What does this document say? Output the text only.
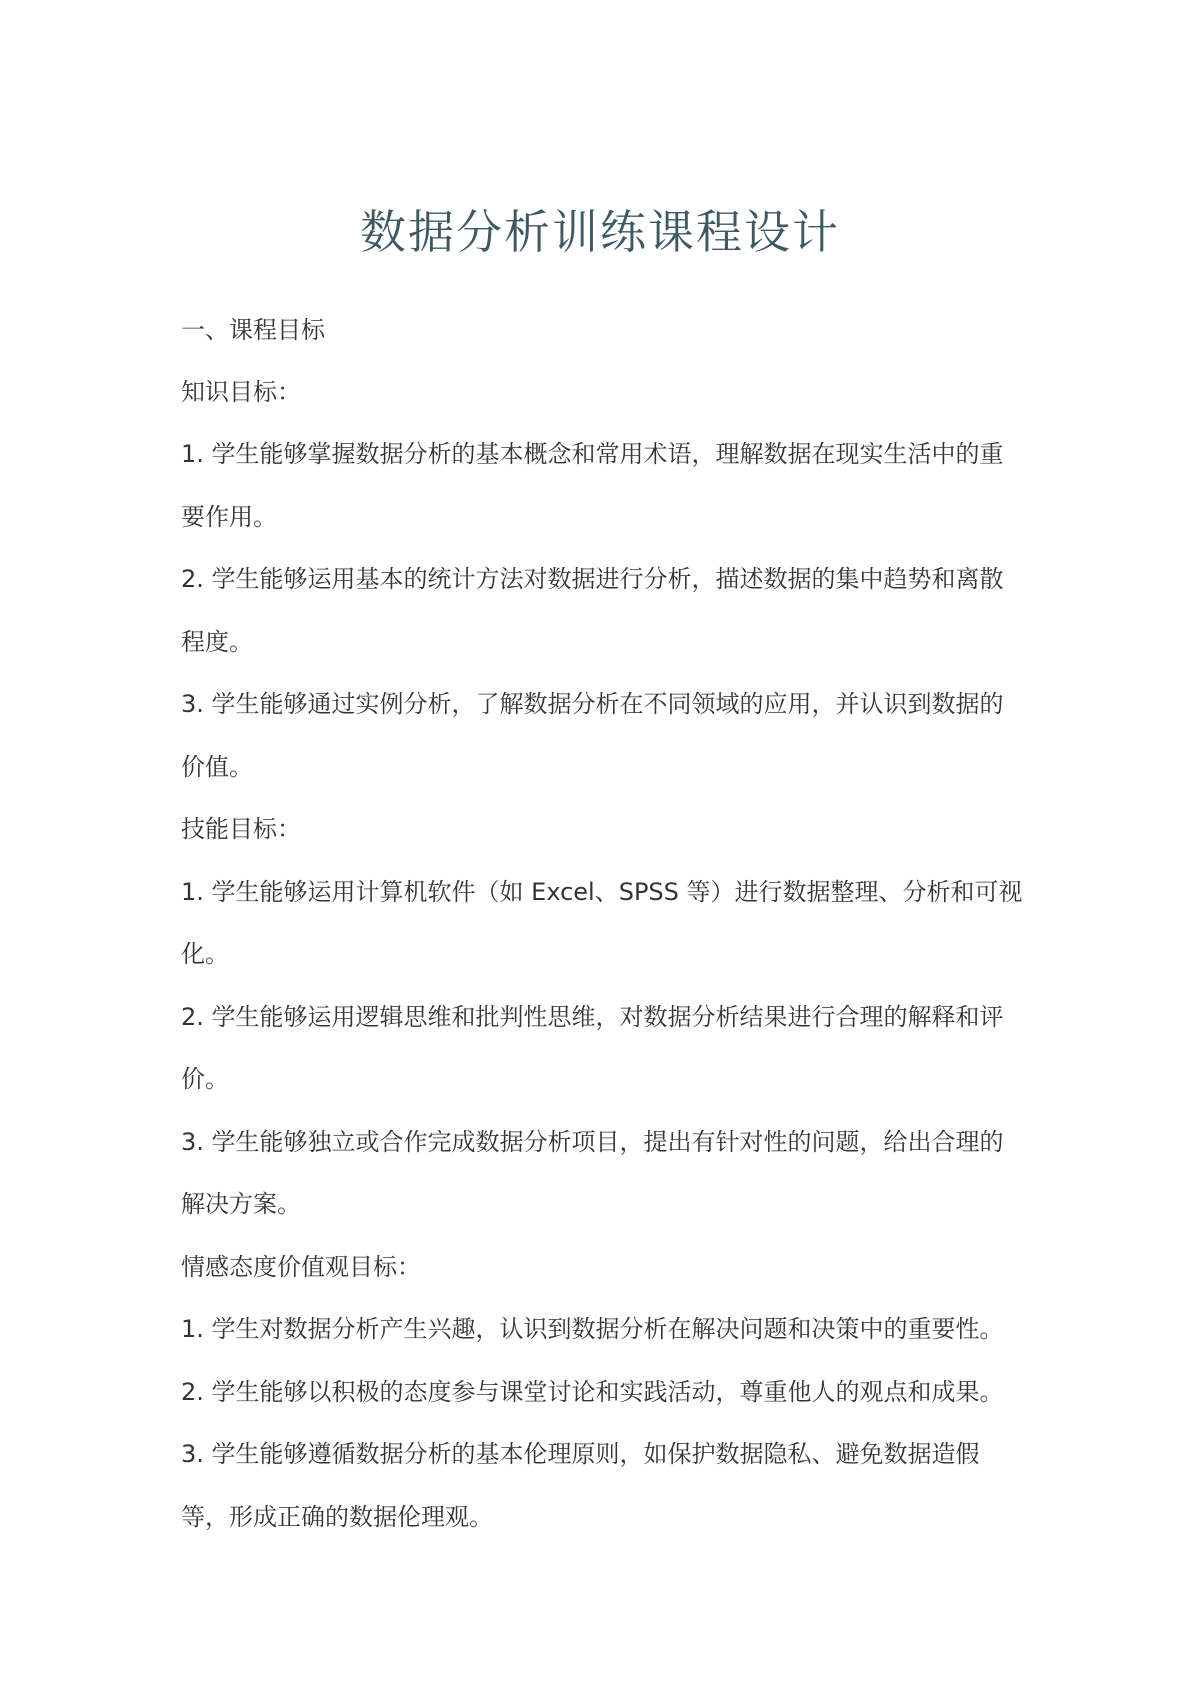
数据分析训练课程设计

一、课程目标

知识目标：

1. 学生能够掌握数据分析的基本概念和常用术语，理解数据在现实生活中的重

要作用。

2. 学生能够运用基本的统计方法对数据进行分析，描述数据的集中趋势和离散

程度。

3. 学生能够通过实例分析，了解数据分析在不同领域的应用，并认识到数据的

价值。

技能目标：

1. 学生能够运用计算机软件（如 Excel、SPSS 等）进行数据整理、分析和可视

化。

2. 学生能够运用逻辑思维和批判性思维，对数据分析结果进行合理的解释和评

价。

3. 学生能够独立或合作完成数据分析项目，提出有针对性的问题，给出合理的

解决方案。

情感态度价值观目标：

1. 学生对数据分析产生兴趣，认识到数据分析在解决问题和决策中的重要性。

2. 学生能够以积极的态度参与课堂讨论和实践活动，尊重他人的观点和成果。

3. 学生能够遵循数据分析的基本伦理原则，如保护数据隐私、避免数据造假

等，形成正确的数据伦理观。
